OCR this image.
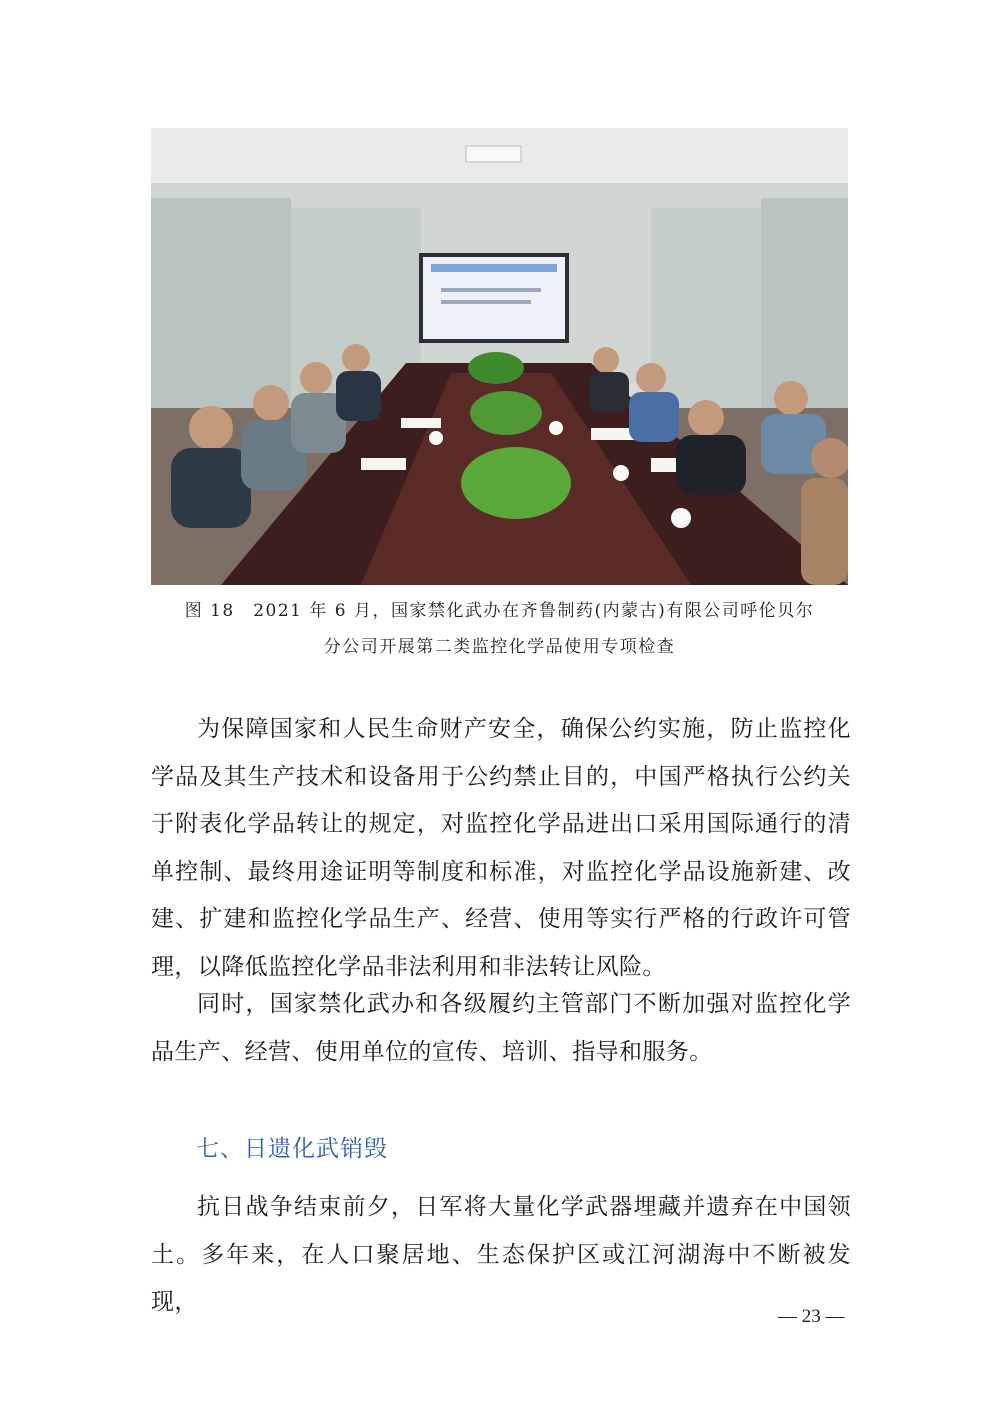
图 18　2021 年 6 月，国家禁化武办在齐鲁制药(内蒙古)有限公司呼伦贝尔
分公司开展第二类监控化学品使用专项检查

为保障国家和人民生命财产安全，确保公约实施，防止监控化学品及其生产技术和设备用于公约禁止目的，中国严格执行公约关于附表化学品转让的规定，对监控化学品进出口采用国际通行的清单控制、最终用途证明等制度和标准，对监控化学品设施新建、改建、扩建和监控化学品生产、经营、使用等实行严格的行政许可管理，以降低监控化学品非法利用和非法转让风险。

同时，国家禁化武办和各级履约主管部门不断加强对监控化学品生产、经营、使用单位的宣传、培训、指导和服务。

七、日遗化武销毁

抗日战争结束前夕，日军将大量化学武器埋藏并遗弃在中国领土。多年来，在人口聚居地、生态保护区或江河湖海中不断被发现，

— 23 —
